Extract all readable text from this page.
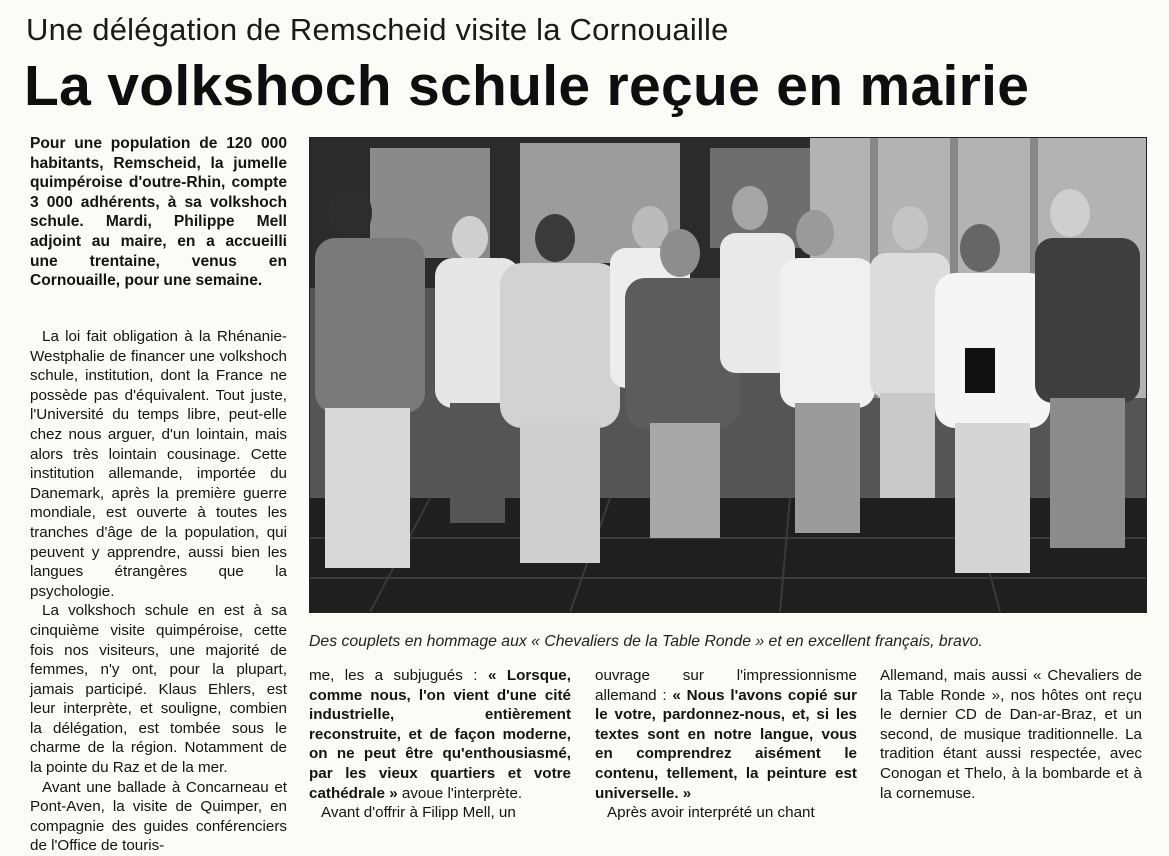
Une délégation de Remscheid visite la Cornouaille
La volkshoch schule reçue en mairie
Pour une population de 120 000 habitants, Remscheid, la jumelle quimpéroise d'outre-Rhin, compte 3 000 adhérents, à sa volkshoch schule. Mardi, Philippe Mell adjoint au maire, en a accueilli une trentaine, venus en Cornouaille, pour une semaine.

La loi fait obligation à la Rhénanie-Westphalie de financer une volkshoch schule, institution, dont la France ne possède pas d'équivalent. Tout juste, l'Université du temps libre, peut-elle chez nous arguer, d'un lointain, mais alors très lointain cousinage. Cette institution allemande, importée du Danemark, après la première guerre mondiale, est ouverte à toutes les tranches d'âge de la population, qui peuvent y apprendre, aussi bien les langues étrangères que la psychologie.

La volkshoch schule en est à sa cinquième visite quimpéroise, cette fois nos visiteurs, une majorité de femmes, n'y ont, pour la plupart, jamais participé. Klaus Ehlers, est leur interprète, et souligne, combien la délégation, est tombée sous le charme de la région. Notamment de la pointe du Raz et de la mer.

Avant une ballade à Concarneau et Pont-Aven, la visite de Quimper, en compagnie des guides conférenciers de l'Office de touris-

Des couplets en hommage aux « Chevaliers de la Table Ronde » et en excellent français, bravo.

me, les a subjugués : « Lorsque, comme nous, l'on vient d'une cité industrielle, entièrement reconstruite, et de façon moderne, on ne peut être qu'enthousiasmé, par les vieux quartiers et votre cathédrale » avoue l'interprète.

Avant d'offrir à Filipp Mell, un

ouvrage sur l'impressionnisme allemand : « Nous l'avons copié sur le votre, pardonnez-nous, et, si les textes sont en notre langue, vous en comprendrez aisément le contenu, tellement, la peinture est universelle. »

Après avoir interprété un chant

Allemand, mais aussi « Chevaliers de la Table Ronde », nos hôtes ont reçu le dernier CD de Dan-ar-Braz, et un second, de musique traditionnelle. La tradition étant aussi respectée, avec Conogan et Thelo, à la bombarde et à la cornemuse.
